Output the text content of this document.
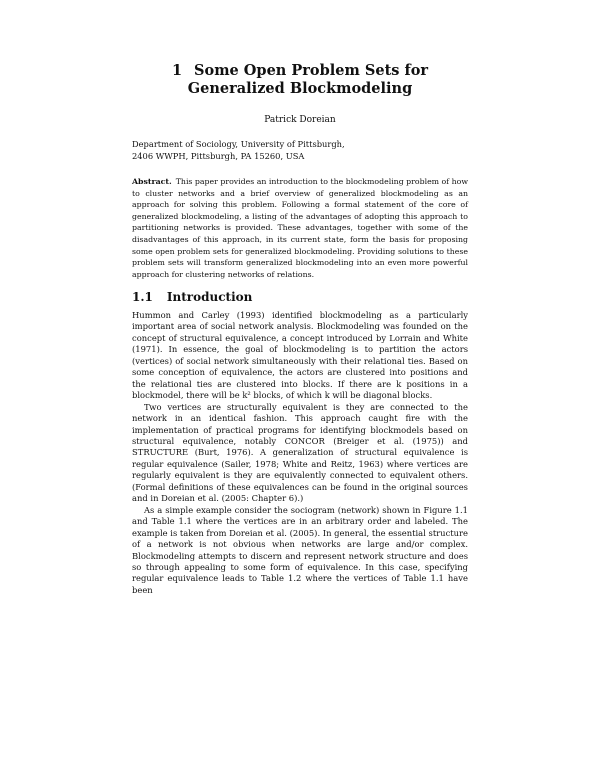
1 Some Open Problem Sets for Generalized Blockmodeling
Patrick Doreian
Department of Sociology, University of Pittsburgh,
2406 WWPH, Pittsburgh, PA 15260, USA
Abstract. This paper provides an introduction to the blockmodeling problem of how to cluster networks and a brief overview of generalized blockmodeling as an approach for solving this problem. Following a formal statement of the core of generalized blockmodeling, a listing of the advantages of adopting this approach to partitioning networks is provided. These advantages, together with some of the disadvantages of this approach, in its current state, form the basis for proposing some open problem sets for generalized blockmodeling. Providing solutions to these problem sets will transform generalized blockmodeling into an even more powerful approach for clustering networks of relations.
1.1 Introduction

Hummon and Carley (1993) identified blockmodeling as a particularly important area of social network analysis. Blockmodeling was founded on the concept of structural equivalence, a concept introduced by Lorrain and White (1971). In essence, the goal of blockmodeling is to partition the actors (vertices) of social network simultaneously with their relational ties. Based on some conception of equivalence, the actors are clustered into positions and the relational ties are clustered into blocks. If there are k positions in a blockmodel, there will be k² blocks, of which k will be diagonal blocks.

Two vertices are structurally equivalent is they are connected to the network in an identical fashion. This approach caught fire with the implementation of practical programs for identifying blockmodels based on structural equivalence, notably CONCOR (Breiger et al. (1975)) and STRUCTURE (Burt, 1976). A generalization of structural equivalence is regular equivalence (Sailer, 1978; White and Reitz, 1963) where vertices are regularly equivalent is they are equivalently connected to equivalent others. (Formal definitions of these equivalences can be found in the original sources and in Doreian et al. (2005: Chapter 6).)

As a simple example consider the sociogram (network) shown in Figure 1.1 and Table 1.1 where the vertices are in an arbitrary order and labeled. The example is taken from Doreian et al. (2005). In general, the essential structure of a network is not obvious when networks are large and/or complex. Blockmodeling attempts to discern and represent network structure and does so through appealing to some form of equivalence. In this case, specifying regular equivalence leads to Table 1.2 where the vertices of Table 1.1 have been
